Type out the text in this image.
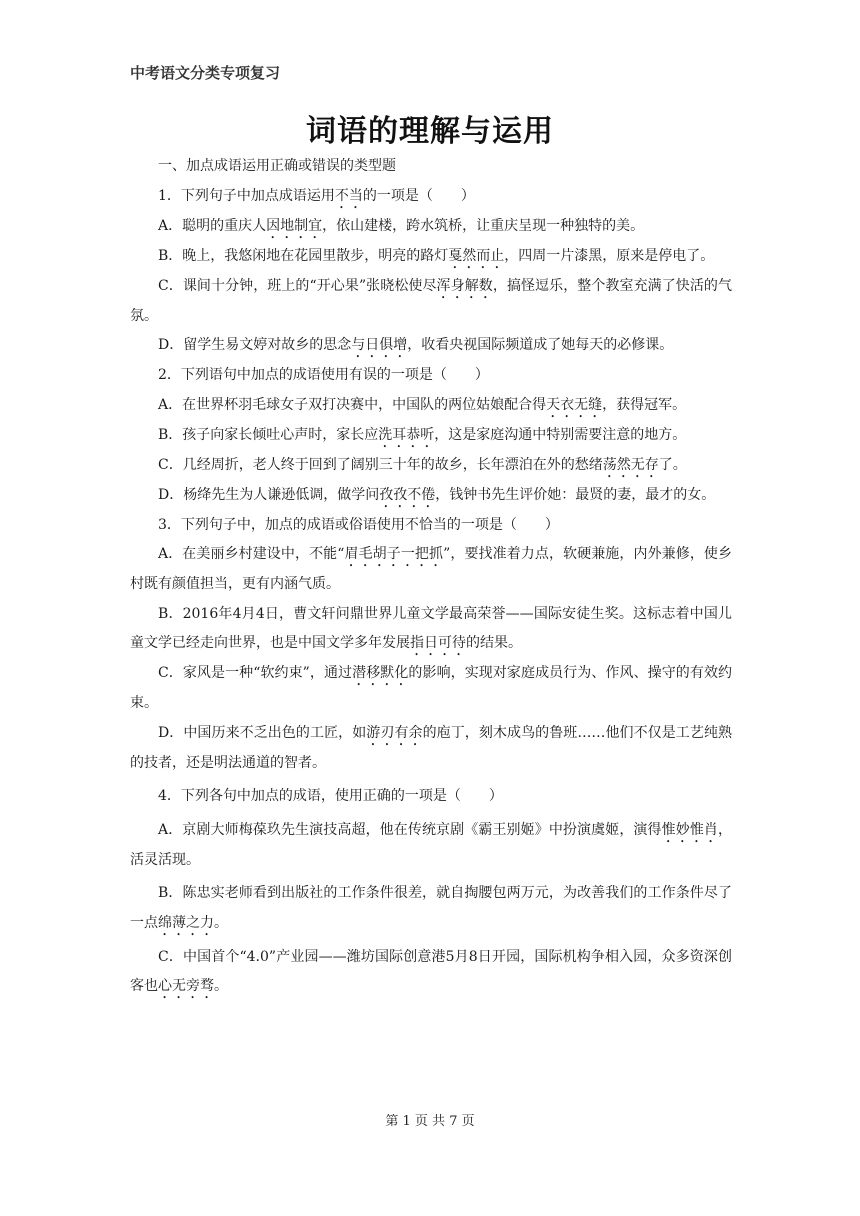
中考语文分类专项复习
词语的理解与运用

一、加点成语运用正确或错误的类型题

1．下列句子中加点成语运用不当的一项是（　　）

A．聪明的重庆人因地制宜，依山建楼，跨水筑桥，让重庆呈现一种独特的美。

B．晚上，我悠闲地在花园里散步，明亮的路灯戛然而止，四周一片漆黑，原来是停电了。

C．课间十分钟，班上的“开心果”张晓松使尽浑身解数，搞怪逗乐，整个教室充满了快活的气氛。

D．留学生易文婷对故乡的思念与日俱增，收看央视国际频道成了她每天的必修课。

2．下列语句中加点的成语使用有误的一项是（　　）

A．在世界杯羽毛球女子双打决赛中，中国队的两位姑娘配合得天衣无缝，获得冠军。

B．孩子向家长倾吐心声时，家长应洗耳恭听，这是家庭沟通中特别需要注意的地方。

C．几经周折，老人终于回到了阔别三十年的故乡，长年漂泊在外的愁绪荡然无存了。

D．杨绛先生为人谦逊低调，做学问孜孜不倦，钱钟书先生评价她：最贤的妻，最才的女。

3．下列句子中，加点的成语或俗语使用不恰当的一项是（　　）

A．在美丽乡村建设中，不能“眉毛胡子一把抓”，要找准着力点，软硬兼施，内外兼修，使乡村既有颜值担当，更有内涵气质。

B．2016年4月4日，曹文轩问鼎世界儿童文学最高荣誉——国际安徒生奖。这标志着中国儿童文学已经走向世界，也是中国文学多年发展指日可待的结果。

C．家风是一种“软约束”，通过潜移默化的影响，实现对家庭成员行为、作风、操守的有效约束。

D．中国历来不乏出色的工匠，如游刃有余的庖丁，刻木成鸟的鲁班……他们不仅是工艺纯熟的技者，还是明法通道的智者。

4．下列各句中加点的成语，使用正确的一项是（　　）

A．京剧大师梅葆玖先生演技高超，他在传统京剧《霸王别姬》中扮演虞姬，演得惟妙惟肖，活灵活现。

B．陈忠实老师看到出版社的工作条件很差，就自掏腰包两万元，为改善我们的工作条件尽了一点绵薄之力。

C．中国首个“4.0”产业园——潍坊国际创意港5月8日开园，国际机构争相入园，众多资深创客也心无旁骛。

第 1 页 共 7 页
